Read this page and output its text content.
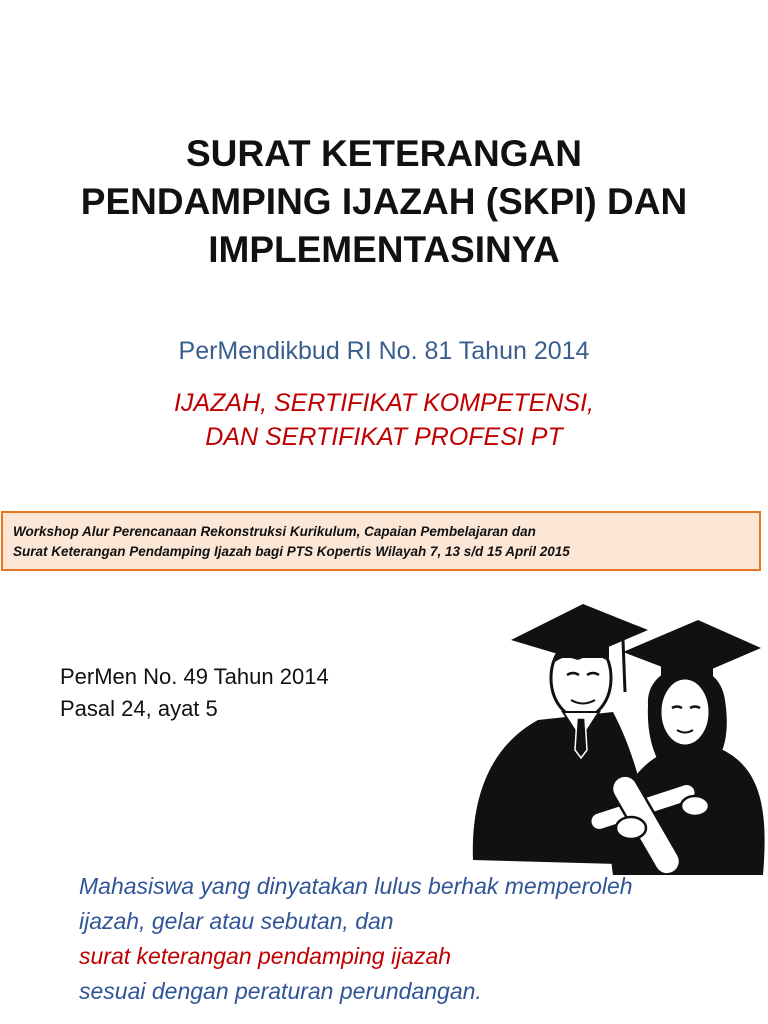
SURAT KETERANGAN
PENDAMPING IJAZAH (SKPI) DAN
IMPLEMENTASINYA
PerMendikbud RI No. 81 Tahun 2014
IJAZAH, SERTIFIKAT KOMPETENSI,
DAN SERTIFIKAT PROFESI PT
Workshop Alur Perencanaan Rekonstruksi Kurikulum, Capaian Pembelajaran dan
Surat Keterangan Pendamping Ijazah bagi PTS Kopertis Wilayah 7, 13 s/d 15 April 2015
PerMen No. 49 Tahun 2014
Pasal 24, ayat 5
Mahasiswa yang dinyatakan lulus berhak memperoleh
ijazah, gelar atau sebutan, dan
surat keterangan pendamping ijazah
sesuai dengan peraturan perundangan.
